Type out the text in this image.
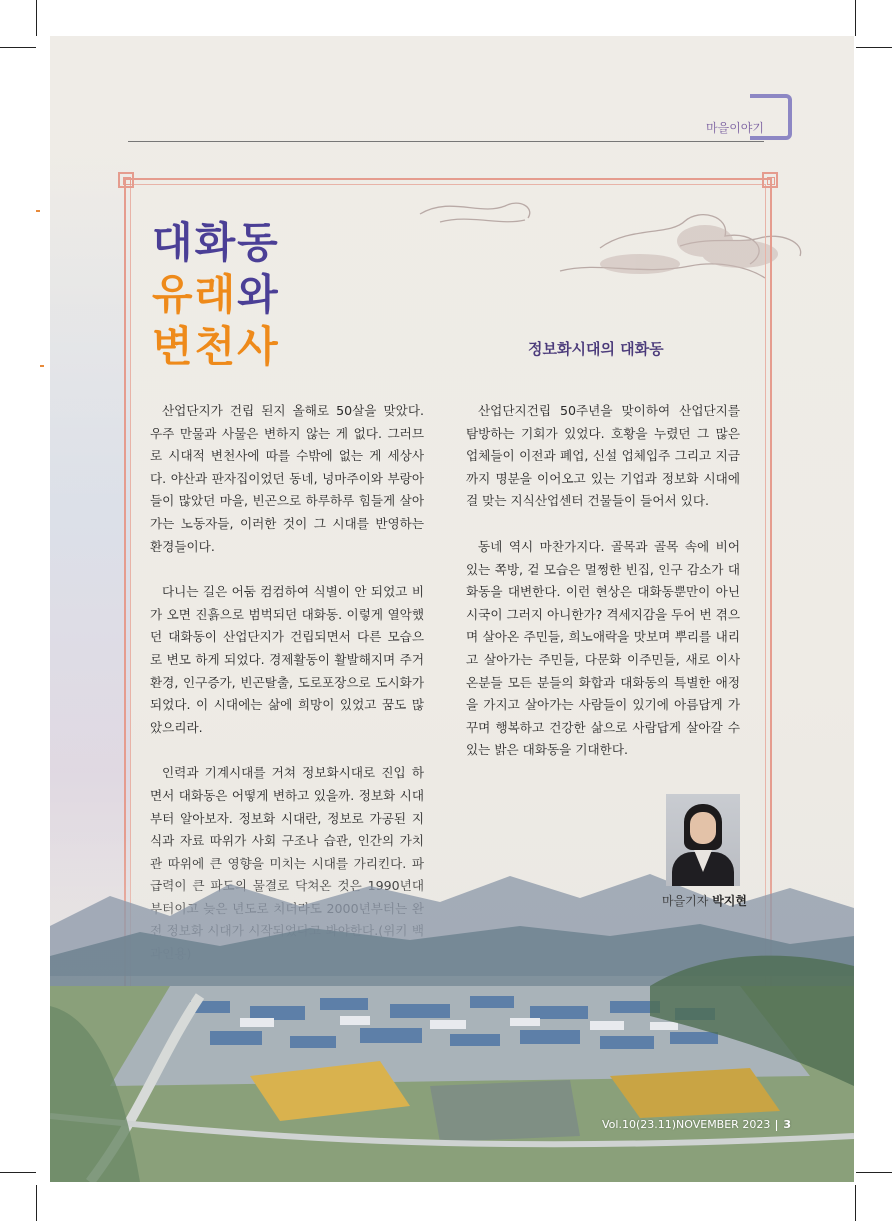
마을이야기
대화동
유래와
변천사	정보화시대의 대화동

산업단지가 건립 된지 올해로 50살을 맞았다. 우주 만물과 사물은 변하지 않는 게 없다. 그러므로 시대적 변천사에 따를 수밖에 없는 게 세상사다. 야산과 판자집이었던 동네, 넝마주이와 부랑아들이 많았던 마을, 빈곤으로 하루하루 힘들게 살아가는 노동자들, 이러한 것이 그 시대를 반영하는 환경들이다.

다니는 길은 어둠 컴컴하여 식별이 안 되었고 비가 오면 진흙으로 범벅되던 대화동. 이렇게 열악했던 대화동이 산업단지가 건립되면서 다른 모습으로 변모 하게 되었다. 경제활동이 활발해지며 주거환경, 인구증가, 빈곤탈출, 도로포장으로 도시화가 되었다. 이 시대에는 삶에 희망이 있었고 꿈도 많았으리라.

인력과 기계시대를 거쳐 정보화시대로 진입 하면서 대화동은 어떻게 변하고 있을까. 정보화 시대부터 알아보자. 정보화 시대란, 정보로 가공된 지

산업단지건립 50주년을 맞이하여 산업단지를 탐방하는 기회가 있었다. 호황을 누렸던 그 많은 업체들이 이전과 폐업, 신설 업체입주 그리고 지금까지 명분을 이어오고 있는 기업과 정보화 시대에 걸 맞는 지식산업센터 건물들이 들어서 있다.

동네 역시 마찬가지다. 골목과 골목 속에 비어 있는 쪽방, 겉 모습은 멀쩡한 빈집, 인구 감소가 대화동을 대변한다. 이런 현상은 대화동뿐만이 아닌 시국이 그러지 아니한가? 격세지감을 두어 번 겪으며 살아온 주민들, 희노애락을 맛보며 뿌리를 내리고 살아가는 주민들, 다문화 이주민들, 새로 이사 온분들 모든 분들의 화합과 대화동의 특별한 애정을 가지고 살아가는 사람들이 있기에 아름답게 가꾸며 행복하고 건강한 삶으로 사람답게 살아갈 수 있는 밝은 대화동을 기대한다.

마을기자 박지현
Vol.10(23.11)NOVEMBER 2023 3
